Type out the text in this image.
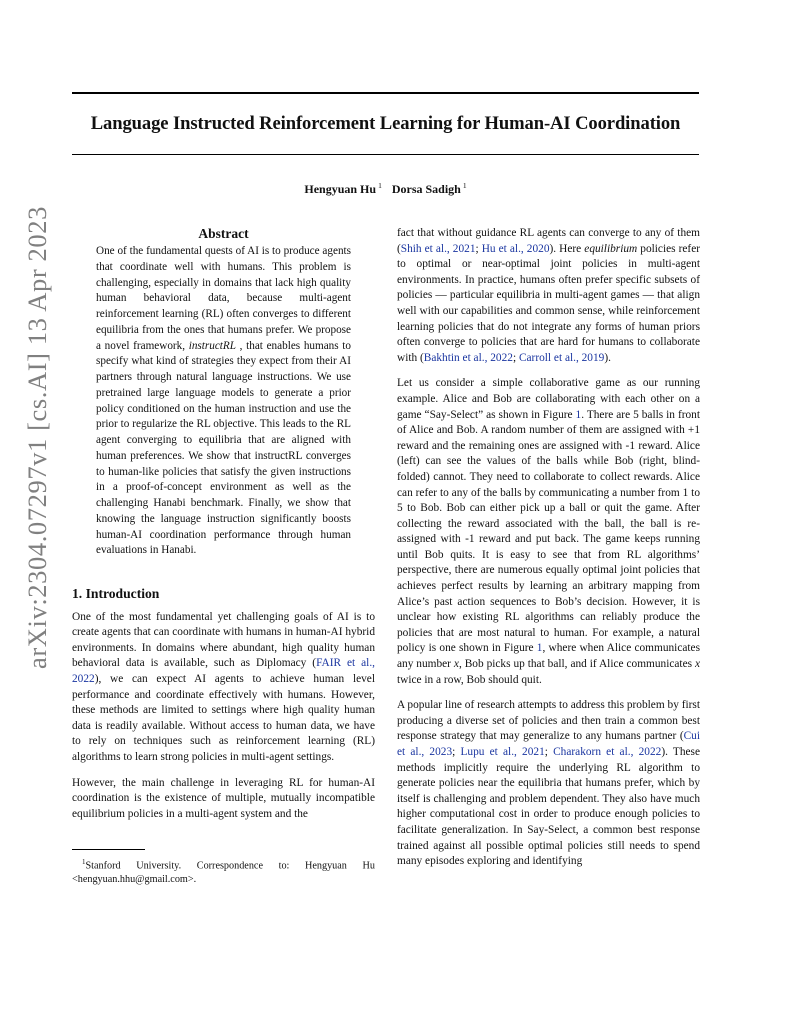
arXiv:2304.07297v1 [cs.AI] 13 Apr 2023
Language Instructed Reinforcement Learning for Human-AI Coordination
Hengyuan Hu $^1$ Dorsa Sadigh $^1$
Abstract

One of the fundamental quests of AI is to produce agents that coordinate well with humans. This problem is challenging, especially in domains that lack high quality human behavioral data, because multi-agent reinforcement learning (RL) often converges to different equilibria from the ones that humans prefer. We propose a novel framework, instructRL , that enables humans to specify what kind of strategies they expect from their AI partners through natural language instructions. We use pretrained large language models to generate a prior policy conditioned on the human instruction and use the prior to regularize the RL objective. This leads to the RL agent converging to equilibria that are aligned with human preferences. We show that instructRL converges to human-like policies that satisfy the given instructions in a proof-of-concept environment as well as the challenging Hanabi benchmark. Finally, we show that knowing the language instruction significantly boosts human-AI coordination performance through human evaluations in Hanabi.

1. Introduction

One of the most fundamental yet challenging goals of AI is to create agents that can coordinate with humans in human-AI hybrid environments. In domains where abundant, high quality human behavioral data is available, such as Diplomacy (FAIR et al., 2022), we can expect AI agents to achieve human level performance and coordinate effectively with humans. However, these methods are limited to settings where high quality human data is readily available. Without access to human data, we have to rely on techniques such as reinforcement learning (RL) algorithms to learn strong policies in multi-agent settings.

However, the main challenge in leveraging RL for human-AI coordination is the existence of multiple, mutually incompatible equilibrium policies in a multi-agent system and the

$^1$Stanford University. Correspondence to: Hengyuan Hu <hengyuan.hhu@gmail.com>.

fact that without guidance RL agents can converge to any of them (Shih et al., 2021; Hu et al., 2020). Here equilibrium policies refer to optimal or near-optimal joint policies in multi-agent environments. In practice, humans often prefer specific subsets of policies — particular equilibria in multi-agent games — that align well with our capabilities and common sense, while reinforcement learning policies that do not integrate any forms of human priors often converge to policies that are hard for humans to collaborate with (Bakhtin et al., 2022; Carroll et al., 2019).

Let us consider a simple collaborative game as our running example. Alice and Bob are collaborating with each other on a game “Say-Select” as shown in Figure 1. There are 5 balls in front of Alice and Bob. A random number of them are assigned with +1 reward and the remaining ones are assigned with -1 reward. Alice (left) can see the values of the balls while Bob (right, blind-folded) cannot. They need to collaborate to collect rewards. Alice can refer to any of the balls by communicating a number from 1 to 5 to Bob. Bob can either pick up a ball or quit the game. After collecting the reward associated with the ball, the ball is re-assigned with -1 reward and put back. The game keeps running until Bob quits. It is easy to see that from RL algorithms’ perspective, there are numerous equally optimal joint policies that achieves perfect results by learning an arbitrary mapping from Alice’s past action sequences to Bob’s decision. However, it is unclear how existing RL algorithms can reliably produce the policies that are most natural to human. For example, a natural policy is one shown in Figure 1, where when Alice communicates any number x, Bob picks up that ball, and if Alice communicates x twice in a row, Bob should quit.

A popular line of research attempts to address this problem by first producing a diverse set of policies and then train a common best response strategy that may generalize to any humans partner (Cui et al., 2023; Lupu et al., 2021; Charakorn et al., 2022). These methods implicitly require the underlying RL algorithm to generate policies near the equilibria that humans prefer, which by itself is challenging and problem dependent. They also have much higher computational cost in order to produce enough policies to facilitate generalization. In Say-Select, a common best response trained against all possible optimal policies still needs to spend many episodes exploring and identifying
